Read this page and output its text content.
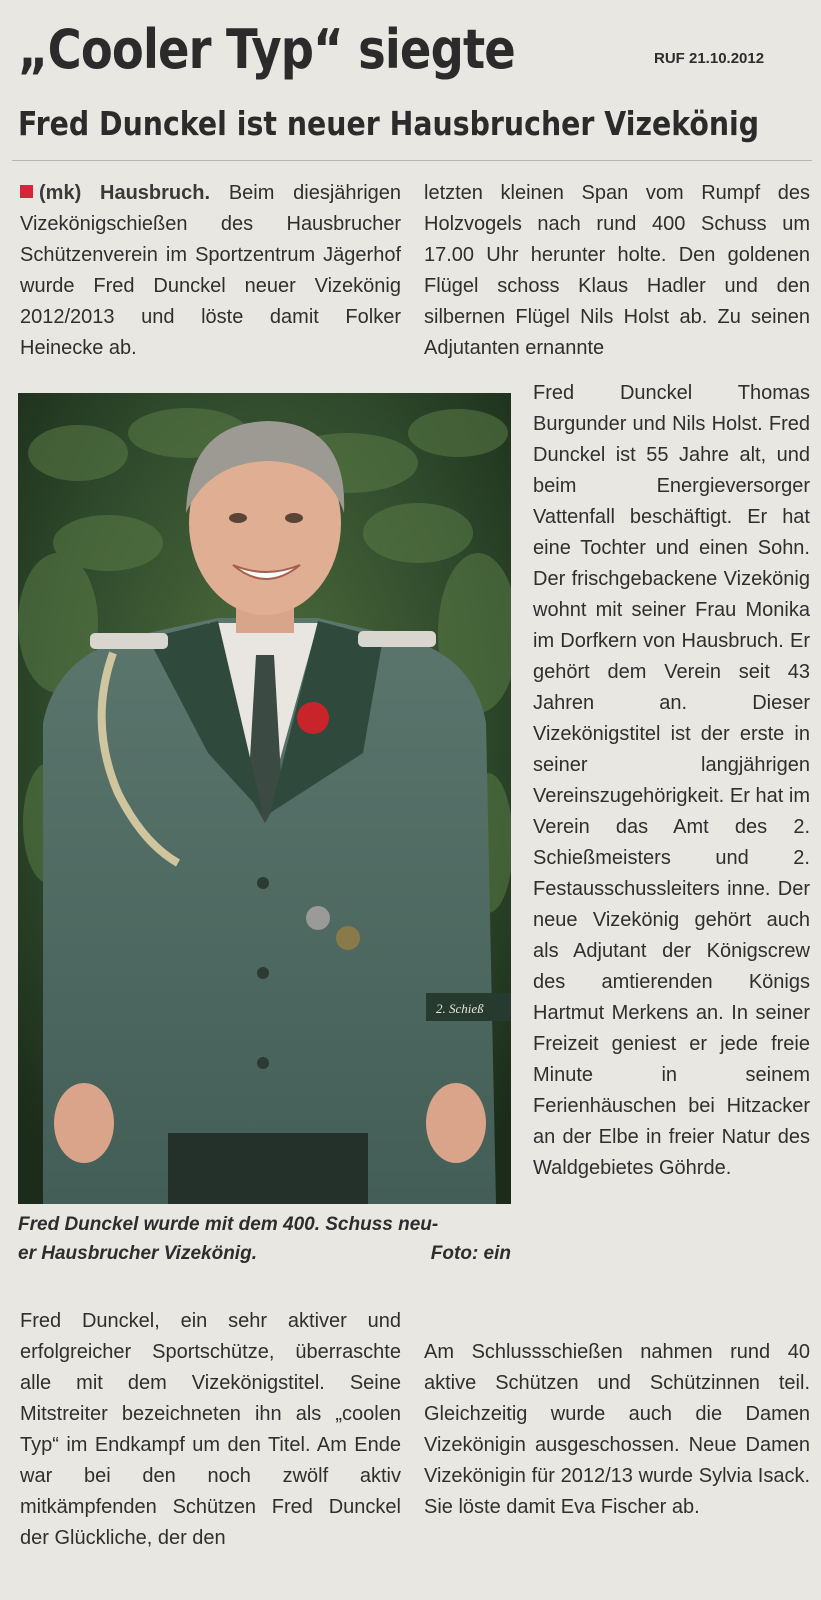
„Cooler Typ“ siegte	RUF 21.10.2012
Fred Dunckel ist neuer Hausbrucher Vizekönig

(mk) Hausbruch. Beim diesjährigen Vizekönigschießen des Hausbrucher Schützenverein im Sportzentrum Jägerhof wurde Fred Dunckel neuer Vizekönig 2012/2013 und löste damit Folker Heinecke ab.

2. Schieß
Fred Dunckel wurde mit dem 400. Schuss neu-
er Hausbrucher Vizekönig.	Foto: ein

Fred Dunckel, ein sehr aktiver und erfolgreicher Sportschütze, überraschte alle mit dem Vizekönigstitel. Seine Mitstreiter bezeichneten ihn als „coolen Typ“ im Endkampf um den Titel. Am Ende war bei den noch zwölf aktiv mitkämpfenden Schützen Fred Dunckel der Glückliche, der den

letzten kleinen Span vom Rumpf des Holzvogels nach rund 400 Schuss um 17.00 Uhr herunter holte. Den goldenen Flügel schoss Klaus Hadler und den silbernen Flügel Nils Holst ab. Zu seinen Adjutanten ernannte

Fred Dunckel Thomas Burgunder und Nils Holst. Fred Dunckel ist 55 Jahre alt, und beim Energieversorger Vattenfall beschäftigt. Er hat eine Tochter und einen Sohn. Der frischgebackene Vizekönig wohnt mit seiner Frau Monika im Dorfkern von Hausbruch. Er gehört dem Verein seit 43 Jahren an. Dieser Vizekönigstitel ist der erste in seiner langjährigen Vereinszugehörigkeit. Er hat im Verein das Amt des 2. Schießmeisters und 2. Festausschussleiters inne. Der neue Vizekönig gehört auch als Adjutant der Königscrew des amtierenden Königs Hartmut Merkens an. In seiner Freizeit geniest er jede freie Minute in seinem Ferienhäuschen bei Hitzacker an der Elbe in freier Natur des Waldgebietes Göhrde.

Am Schlussschießen nahmen rund 40 aktive Schützen und Schützinnen teil. Gleichzeitig wurde auch die Damen Vizekönigin ausgeschossen. Neue Damen Vizekönigin für 2012/13 wurde Sylvia Isack. Sie löste damit Eva Fischer ab.
